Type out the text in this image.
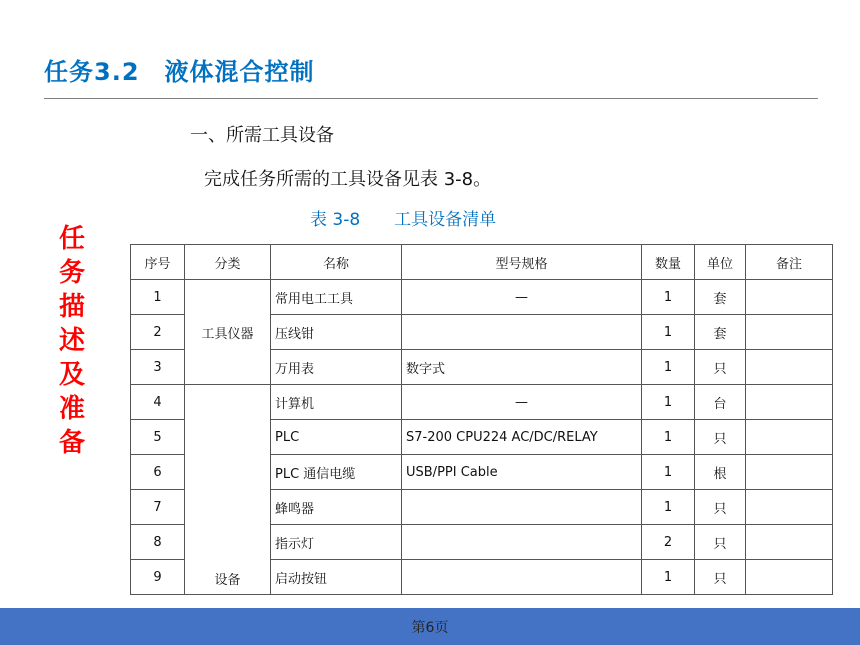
任务3.2　液体混合控制
一、所需工具设备
完成任务所需的工具设备见表 3-8。
表 3-8　　工具设备清单
任
务
描
述
及
准
备
序号	分类	名称	型号规格	数量	单位	备注
1	工具仪器	常用电工工具	—	1	套	
2		压线钳		1	套	
3		万用表	数字式	1	只	
4	设备	计算机	—	1	台	
5		PLC	S7-200 CPU224 AC/DC/RELAY	1	只	
6		PLC 通信电缆	USB/PPI Cable	1	根	
7		蜂鸣器		1	只	
8		指示灯		2	只	
9		启动按钮		1	只	
第6页
